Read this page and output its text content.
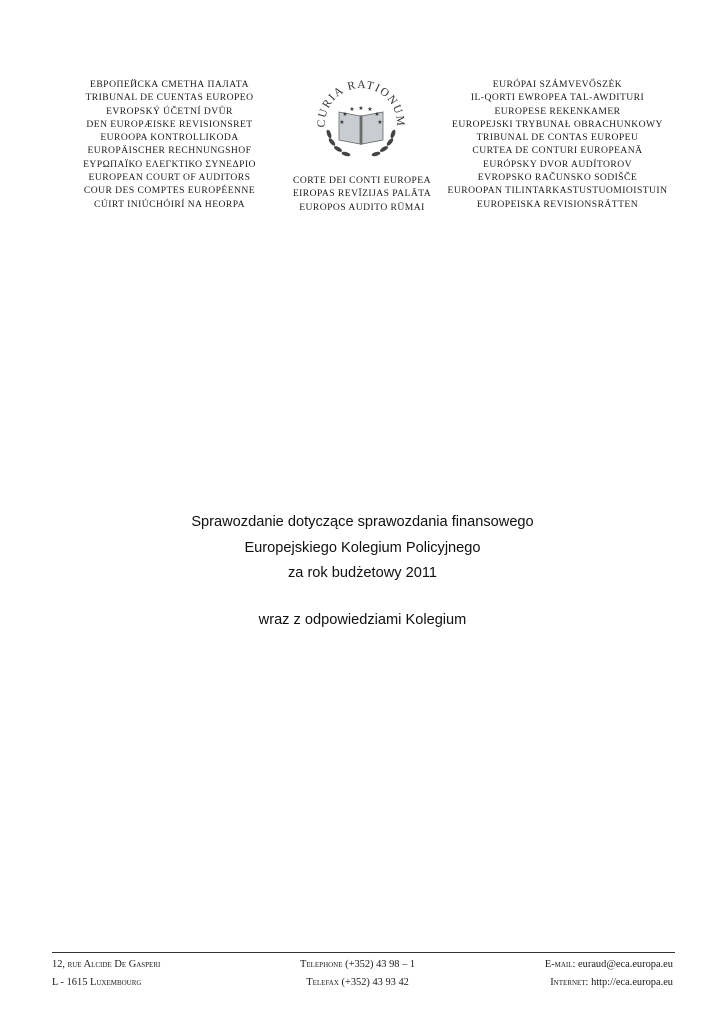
ЕВРОПЕЙСКА СМЕТНА ПАЛАТА
TRIBUNAL DE CUENTAS EUROPEO
EVROPSKÝ ÚČETNÍ DVŮR
DEN EUROPÆISKE REVISIONSRET
EUROOPA KONTROLLIKODA
EUROPÄISCHER RECHNUNGSHOF
ΕΥΡΩΠΑΪΚΟ ΕΛΕΓΚΤΙΚΟ ΣΥΝΕΔΡΙΟ
EUROPEAN COURT OF AUDITORS
COUR DES COMPTES EUROPÉENNE
CÚIRT INIÚCHÓIRÍ NA HEORPA
CURIA RATIONUM
★
★ ★
★	★
★	★
CORTE DEI CONTI EUROPEA
EIROPAS REVĪZIJAS PALĀTA
EUROPOS AUDITO RŪMAI
EURÓPAI SZÁMVEVŐSZÉK
IL-QORTI EWROPEA TAL-AWDITURI
EUROPESE REKENKAMER
EUROPEJSKI TRYBUNAŁ OBRACHUNKOWY
TRIBUNAL DE CONTAS EUROPEU
CURTEA DE CONTURI EUROPEANĂ
EURÓPSKY DVOR AUDÍTOROV
EVROPSKO RAČUNSKO SODIŠČE
EUROOPAN TILINTARKASTUSTUOMIOISTUIN
EUROPEISKA REVISIONSRÄTTEN
Sprawozdanie dotyczące sprawozdania finansowego
Europejskiego Kolegium Policyjnego
za rok budżetowy 2011
wraz z odpowiedziami Kolegium
12, rue Alcide De Gasperi
L - 1615 Luxembourg
Telephone (+352) 43 98 – 1
Telefax (+352) 43 93 42
E-mail: euraud@eca.europa.eu
Internet: http://eca.europa.eu
